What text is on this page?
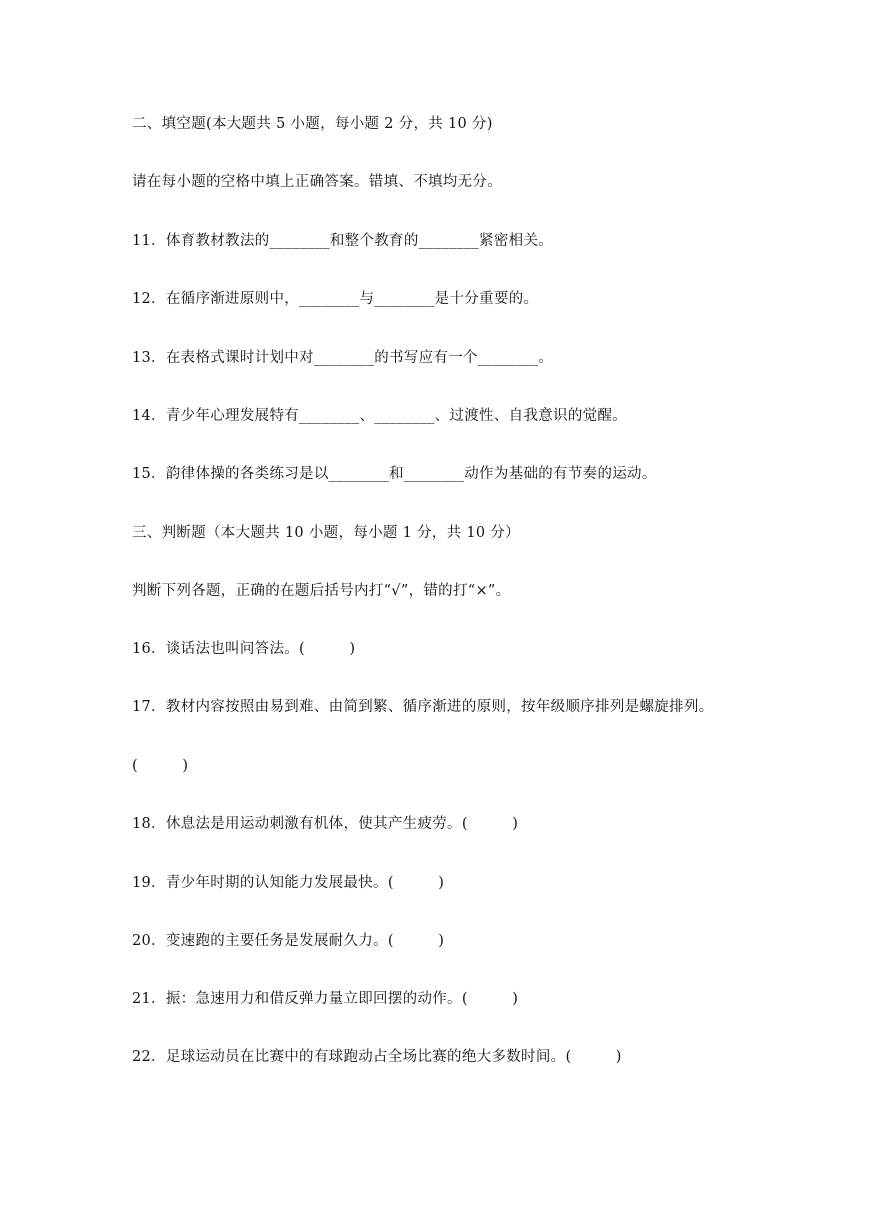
二、填空题(本大题共 5 小题，每小题 2 分，共 10 分)
请在每小题的空格中填上正确答案。错填、不填均无分。
11．体育教材教法的________和整个教育的________紧密相关。
12．在循序渐进原则中，________与________是十分重要的。
13．在表格式课时计划中对________的书写应有一个________。
14．青少年心理发展特有________、________、过渡性、自我意识的觉醒。
15．韵律体操的各类练习是以________和________动作为基础的有节奏的运动。
三、判断题（本大题共 10 小题，每小题 1 分，共 10 分）
判断下列各题，正确的在题后括号内打“√”，错的打“×”。
16．谈话法也叫问答法。(　　　)
17．教材内容按照由易到难、由简到繁、循序渐进的原则，按年级顺序排列是螺旋排列。
(　　　)
18．休息法是用运动刺激有机体，使其产生疲劳。(　　　)
19．青少年时期的认知能力发展最快。(　　　)
20．变速跑的主要任务是发展耐久力。(　　　)
21．振：急速用力和借反弹力量立即回摆的动作。(　　　)
22．足球运动员在比赛中的有球跑动占全场比赛的绝大多数时间。(　　　)
